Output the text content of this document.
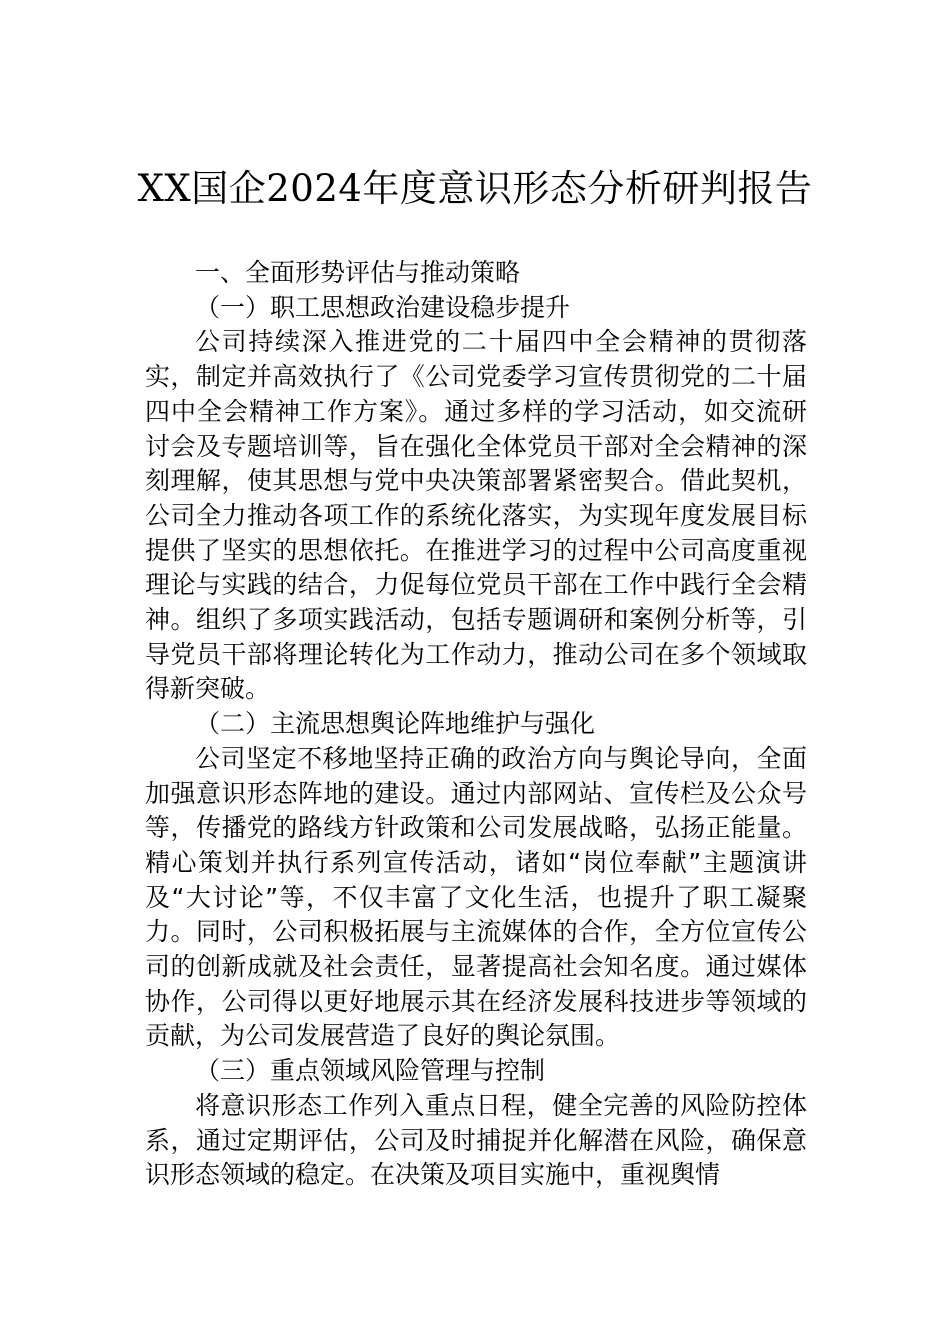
XX国企2024年度意识形态分析研判报告

一、全面形势评估与推动策略

（一）职工思想政治建设稳步提升

公司持续深入推进党的二十届四中全会精神的贯彻落实，制定并高效执行了《公司党委学习宣传贯彻党的二十届四中全会精神工作方案》。通过多样的学习活动，如交流研讨会及专题培训等，旨在强化全体党员干部对全会精神的深刻理解，使其思想与党中央决策部署紧密契合。借此契机，公司全力推动各项工作的系统化落实，为实现年度发展目标提供了坚实的思想依托。在推进学习的过程中公司高度重视理论与实践的结合，力促每位党员干部在工作中践行全会精神。组织了多项实践活动，包括专题调研和案例分析等，引导党员干部将理论转化为工作动力，推动公司在多个领域取得新突破。

（二）主流思想舆论阵地维护与强化

公司坚定不移地坚持正确的政治方向与舆论导向，全面加强意识形态阵地的建设。通过内部网站、宣传栏及公众号等，传播党的路线方针政策和公司发展战略，弘扬正能量。精心策划并执行系列宣传活动，诸如“岗位奉献”主题演讲及“大讨论”等，不仅丰富了文化生活，也提升了职工凝聚力。同时，公司积极拓展与主流媒体的合作，全方位宣传公司的创新成就及社会责任，显著提高社会知名度。通过媒体协作，公司得以更好地展示其在经济发展科技进步等领域的贡献，为公司发展营造了良好的舆论氛围。

（三）重点领域风险管理与控制

将意识形态工作列入重点日程，健全完善的风险防控体系，通过定期评估，公司及时捕捉并化解潜在风险，确保意识形态领域的稳定。在决策及项目实施中，重视舆情
